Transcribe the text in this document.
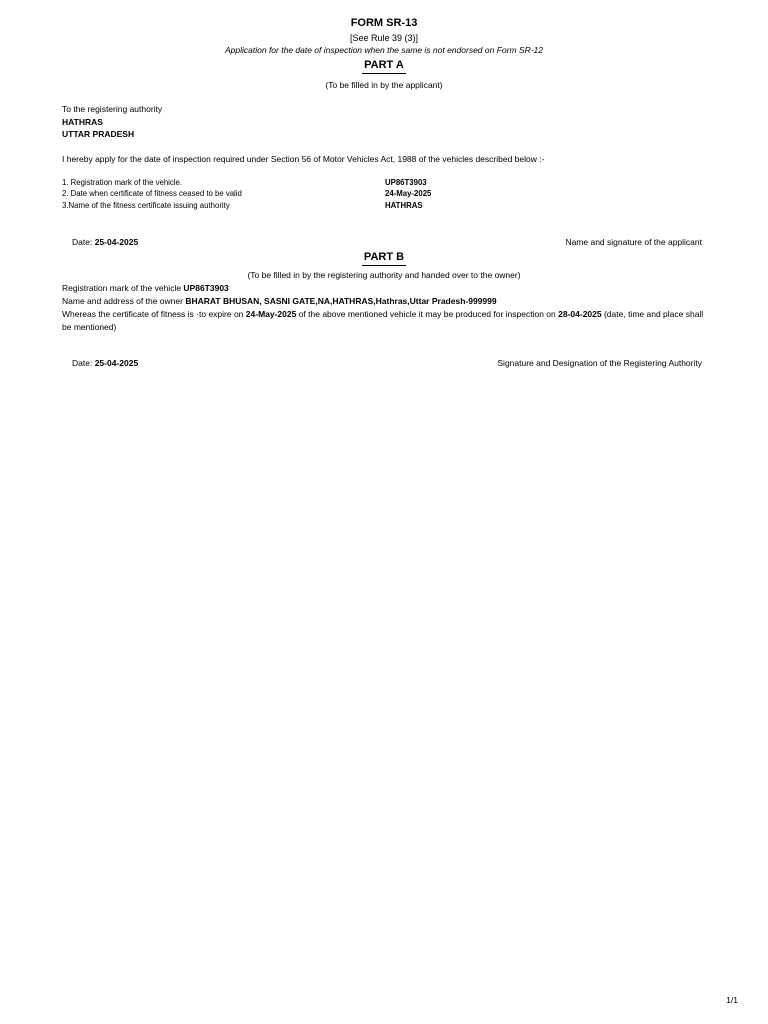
FORM SR-13
[See Rule 39 (3)]
Application for the date of inspection when the same is not endorsed on Form SR-12
PART A
(To be filled in by the applicant)
To the registering authority
HATHRAS
UTTAR PRADESH
I hereby apply for the date of inspection required under Section 56 of Motor Vehicles Act, 1988 of the vehicles described below :-
1. Registration mark of the vehicle.	UP86T3903
2. Date when certificate of fitness ceased to be valid	24-May-2025
3.Name of the fitness certificate issuing authority	HATHRAS
Date: 25-04-2025	Name and signature of the applicant
PART B
(To be filled in by the registering authority and handed over to the owner)
Registration mark of the vehicle UP86T3903
Name and address of the owner BHARAT BHUSAN, SASNI GATE,NA,HATHRAS,Hathras,Uttar Pradesh-999999
Whereas the certificate of fitness is ·to expire on 24-May-2025 of the above mentioned vehicle it may be produced for inspection on 28-04-2025 (date, time and place shall be mentioned)
Date: 25-04-2025	Signature and Designation of the Registering Authority
1/1
